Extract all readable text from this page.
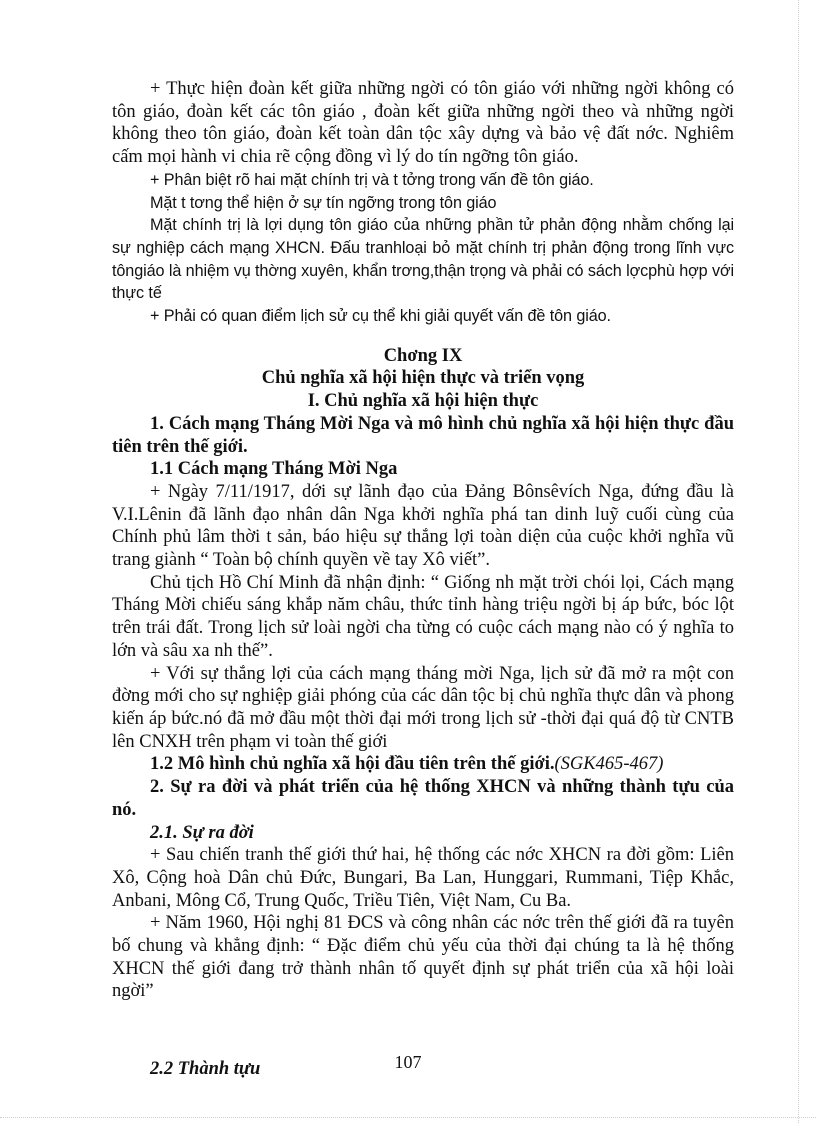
+ Thực hiện đoàn kết giữa những ngời có tôn giáo với những ngời không có tôn giáo, đoàn kết các tôn giáo , đoàn kết giữa những ngời theo và những ngời không theo tôn giáo, đoàn kết toàn dân tộc xây dựng và bảo vệ đất nớc. Nghiêm cấm mọi hành vi chia rẽ cộng đồng vì lý do tín ngỡng tôn giáo.

+ Phân biệt rõ hai mặt chính trị và t tởng trong vấn đề tôn giáo.

Mặt t tơng thể hiện ở sự tín ngỡng trong tôn giáo

Mặt chính trị là lợi dụng tôn giáo của những phần tử phản động nhằm chống lại sự nghiệp cách mạng XHCN. Đấu tranhloại bỏ mặt chính trị phản động trong lĩnh vực tôngiáo là nhiệm vụ thờng xuyên, khẩn trơng,thận trọng và phải có sách lợcphù hợp với thực tế

+ Phải có quan điểm lịch sử cụ thể khi giải quyết vấn đề tôn giáo.

Chơng IX

Chủ nghĩa xã hội hiện thực và triển vọng

I. Chủ nghĩa xã hội hiện thực

1. Cách mạng Tháng Mời Nga và mô hình chủ nghĩa xã hội hiện thực đầu tiên trên thế giới.

1.1 Cách mạng Tháng Mời Nga

+ Ngày 7/11/1917, dới sự lãnh đạo của Đảng Bônsêvích Nga, đứng đầu là V.I.Lênin đã lãnh đạo nhân dân Nga khởi nghĩa phá tan dinh luỹ cuối cùng của Chính phủ lâm thời t sản, báo hiệu sự thắng lợi toàn diện của cuộc khởi nghĩa vũ trang giành “ Toàn bộ chính quyền về tay Xô viết”.

Chủ tịch Hồ Chí Minh đã nhận định: “ Giống nh mặt trời chói lọi, Cách mạng Tháng Mời chiếu sáng khắp năm châu, thức tỉnh hàng triệu ngời bị áp bức, bóc lột trên trái đất. Trong lịch sử loài ngời cha từng có cuộc cách mạng nào có ý nghĩa to lớn và sâu xa nh thế”.

+ Với sự thắng lợi của cách mạng tháng mời Nga, lịch sử đã mở ra một con đờng mới cho sự nghiệp giải phóng của các dân tộc bị chủ nghĩa thực dân và phong kiến áp bức.nó đã mở đầu một thời đại mới trong lịch sử -thời đại quá độ từ CNTB lên CNXH trên phạm vi toàn thế giới

1.2 Mô hình chủ nghĩa xã hội đầu tiên trên thế giới.(SGK465-467)

2. Sự ra đời và phát triển của hệ thống XHCN và những thành tựu của nó.

2.1. Sự ra đời

+ Sau chiến tranh thế giới thứ hai, hệ thống các nớc XHCN ra đời gồm: Liên Xô, Cộng hoà Dân chủ Đức, Bungari, Ba Lan, Hunggari, Rummani, Tiệp Khắc, Anbani, Mông Cổ, Trung Quốc, Triều Tiên, Việt Nam, Cu Ba.

+ Năm 1960, Hội nghị 81 ĐCS và công nhân các nớc trên thế giới đã ra tuyên bố chung và khẳng định: “ Đặc điểm chủ yếu của thời đại chúng ta là hệ thống XHCN thế giới đang trở thành nhân tố quyết định sự phát triển của xã hội loài ngời”

2.2 Thành tựu	107
